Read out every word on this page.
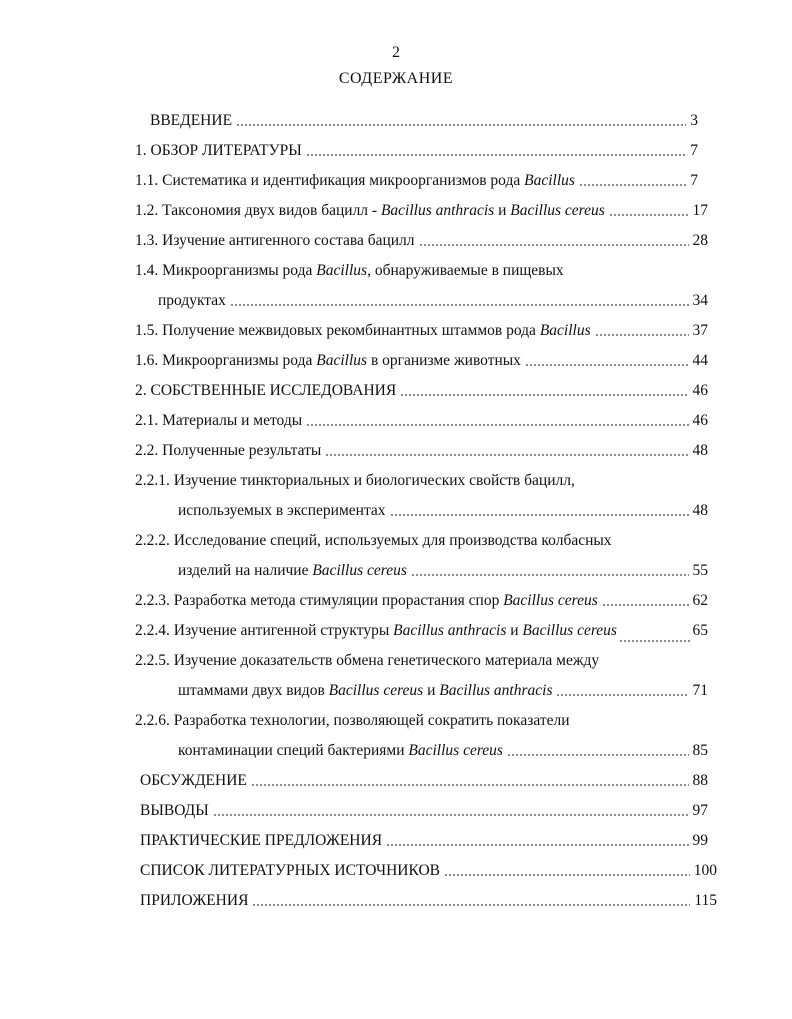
2
СОДЕРЖАНИЕ
ВВЕДЕНИЕ	3
1. ОБЗОР ЛИТЕРАТУРЫ	7
1.1. Систематика и идентификация микроорганизмов рода Bacillus	7
1.2. Таксономия двух видов бацилл - Bacillus anthracis и Bacillus cereus	17
1.3. Изучение антигенного состава бацилл	28
1.4. Микроорганизмы рода Bacillus, обнаруживаемые в пищевых
продуктах	34
1.5. Получение межвидовых рекомбинантных штаммов рода Bacillus	37
1.6. Микроорганизмы рода Bacillus в организме животных	44
2. СОБСТВЕННЫЕ ИССЛЕДОВАНИЯ	46
2.1. Материалы и методы	46
2.2. Полученные результаты	48
2.2.1. Изучение тинкториальных и биологических свойств бацилл,
используемых в экспериментах	48
2.2.2. Исследование специй, используемых для производства колбасных
изделий на наличие Bacillus cereus	55
2.2.3. Разработка метода стимуляции прорастания спор Bacillus cereus	62
2.2.4. Изучение антигенной структуры Bacillus anthracis и Bacillus cereus	65
2.2.5. Изучение доказательств обмена генетического материала между
штаммами двух видов Bacillus cereus и Bacillus anthracis	71
2.2.6. Разработка технологии, позволяющей сократить показатели
контаминации специй бактериями Bacillus cereus	85
ОБСУЖДЕНИЕ	88
ВЫВОДЫ	97
ПРАКТИЧЕСКИЕ ПРЕДЛОЖЕНИЯ	99
СПИСОК ЛИТЕРАТУРНЫХ ИСТОЧНИКОВ	100
ПРИЛОЖЕНИЯ	115
